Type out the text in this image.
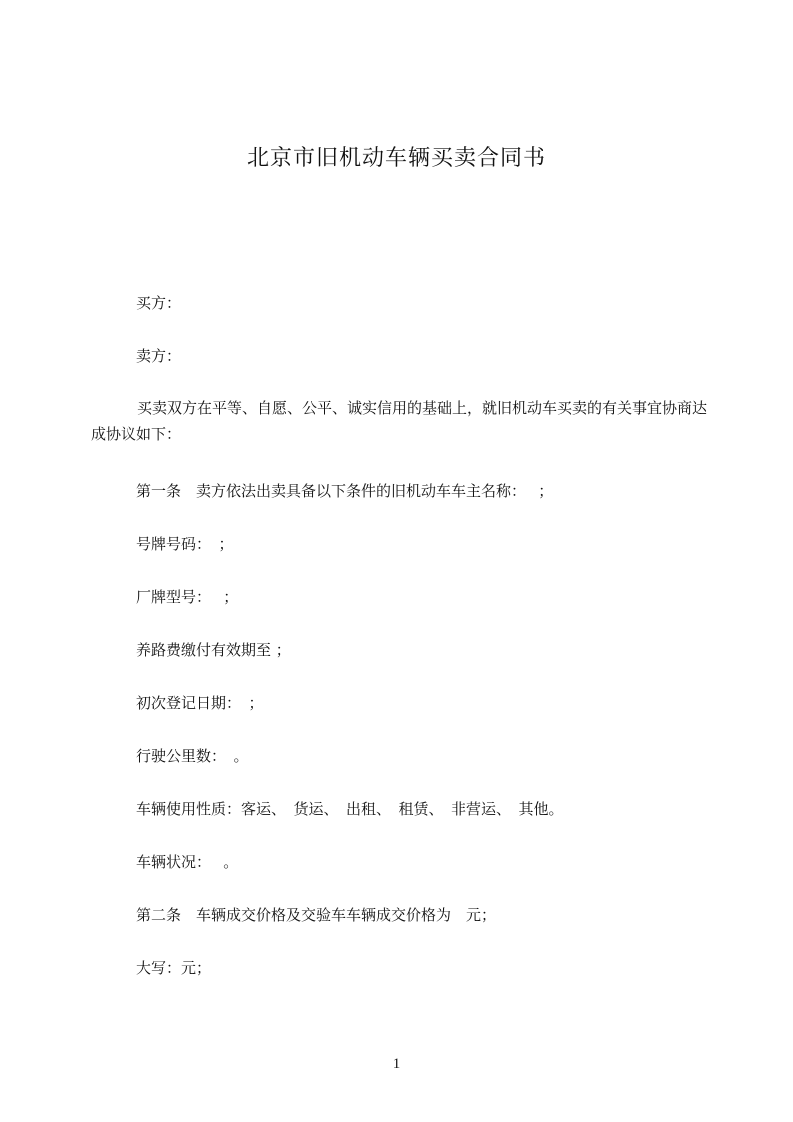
北京市旧机动车辆买卖合同书
买方：
卖方：
买卖双方在平等、自愿、公平、诚实信用的基础上，就旧机动车买卖的有关事宜协商达成协议如下：
第一条　卖方依法出卖具备以下条件的旧机动车车主名称：　 ；
号牌号码：　；
厂牌型号：　 ；
养路费缴付有效期至 ；
初次登记日期：　；
行驶公里数：　。
车辆使用性质：客运、　货运、　出租、　租赁、　非营运、　其他。
车辆状况：　 。
第二条　车辆成交价格及交验车车辆成交价格为　元；
大写：元；
1
